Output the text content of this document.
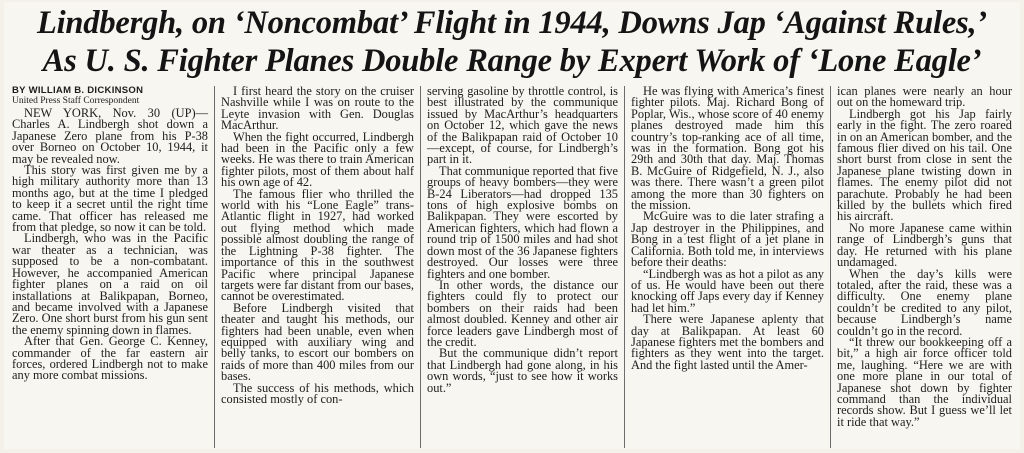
Lindbergh, on ‘Noncombat’ Flight in 1944, Downs Jap ‘Against Rules,’
As U. S. Fighter Planes Double Range by Expert Work of ‘Lone Eagle’
BY WILLIAM B. DICKINSON
United Press Staff Correspondent

NEW YORK, Nov. 30 (UP)—Charles A. Lindbergh shot down a Japanese Zero plane from his P-38 over Borneo on October 10, 1944, it may be revealed now.

This story was first given me by a high military authority more than 13 months ago, but at the time I pledged to keep it a secret until the right time came. That officer has released me from that pledge, so now it can be told.

Lindbergh, who was in the Pacific war theater as a technician, was supposed to be a non-combatant. However, he accompanied American fighter planes on a raid on oil installations at Balikpapan, Borneo, and became involved with a Japanese Zero. One short burst from his gun sent the enemy spinning down in flames.

After that Gen. George C. Kenney, commander of the far eastern air forces, ordered Lindbergh not to make any more combat missions.

I first heard the story on the cruiser Nashville while I was on route to the Leyte invasion with Gen. Douglas MacArthur.

When the fight occurred, Lindbergh had been in the Pacific only a few weeks. He was there to train American fighter pilots, most of them about half his own age of 42.

The famous flier who thrilled the world with his “Lone Eagle” trans-Atlantic flight in 1927, had worked out flying method which made possible almost doubling the range of the Lightning P-38 fighter. The importance of this in the southwest Pacific where principal Japanese targets were far distant from our bases, cannot be overestimated.

Before Lindbergh visited that theater and taught his methods, our fighters had been unable, even when equipped with auxiliary wing and belly tanks, to escort our bombers on raids of more than 400 miles from our bases.

The success of his methods, which consisted mostly of con-

serving gasoline by throttle control, is best illustrated by the communique issued by MacArthur’s headquarters on October 12, which gave the news of the Balikpapan raid of October 10—except, of course, for Lindbergh’s part in it.

That communique reported that five groups of heavy bombers—they were B-24 Liberators—had dropped 135 tons of high explosive bombs on Balikpapan. They were escorted by American fighters, which had flown a round trip of 1500 miles and had shot down most of the 36 Japanese fighters destroyed. Our losses were three fighters and one bomber.

In other words, the distance our fighters could fly to protect our bombers on their raids had been almost doubled. Kenney and other air force leaders gave Lindbergh most of the credit.

But the communique didn’t report that Lindbergh had gone along, in his own words, “just to see how it works out.”

He was flying with America’s finest fighter pilots. Maj. Richard Bong of Poplar, Wis., whose score of 40 enemy planes destroyed made him this country’s top-ranking ace of all time, was in the formation. Bong got his 29th and 30th that day. Maj. Thomas B. McGuire of Ridgefield, N. J., also was there. There wasn’t a green pilot among the more than 30 fighters on the mission.

McGuire was to die later strafing a Jap destroyer in the Philippines, and Bong in a test flight of a jet plane in California. Both told me, in interviews before their deaths:

“Lindbergh was as hot a pilot as any of us. He would have been out there knocking off Japs every day if Kenney had let him.”

There were Japanese aplenty that day at Balikpapan. At least 60 Japanese fighters met the bombers and fighters as they went into the target. And the fight lasted until the Amer-

ican planes were nearly an hour out on the homeward trip.

Lindbergh got his Jap fairly early in the fight. The zero roared in on an American bomber, and the famous flier dived on his tail. One short burst from close in sent the Japanese plane twisting down in flames. The enemy pilot did not parachute. Probably he had been killed by the bullets which fired his aircraft.

No more Japanese came within range of Lindbergh’s guns that day. He returned with his plane undamaged.

When the day’s kills were totaled, after the raid, these was a difficulty. One enemy plane couldn’t be credited to any pilot, because Lindbergh’s name couldn’t go in the record.

“It threw our bookkeeping off a bit,” a high air force officer told me, laughing. “Here we are with one more plane in our total of Japanese shot down by fighter command than the individual records show. But I guess we’ll let it ride that way.”
